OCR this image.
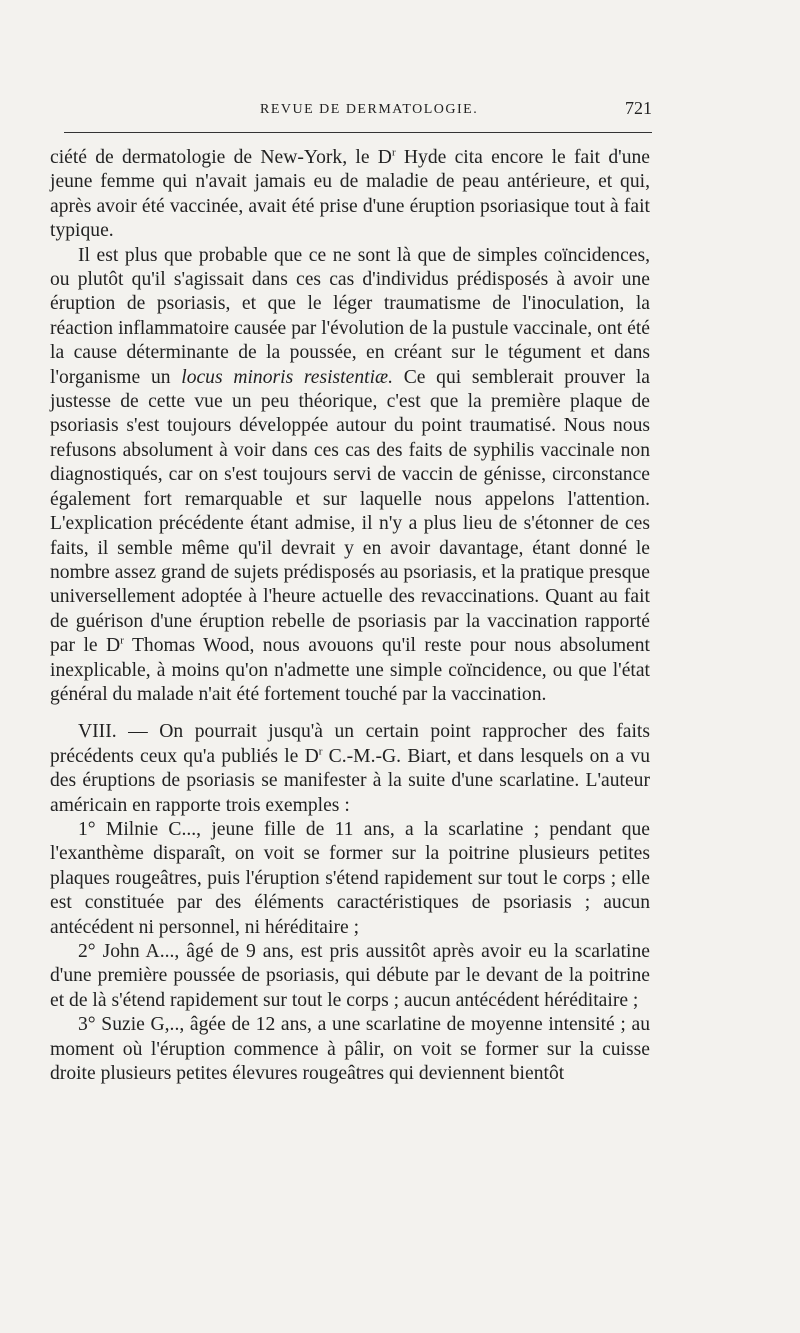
REVUE DE DERMATOLOGIE.	721

ciété de dermatologie de New-York, le $D^r$ Hyde cita encore le fait d'une jeune femme qui n'avait jamais eu de maladie de peau antérieure, et qui, après avoir été vaccinée, avait été prise d'une éruption psoriasique tout à fait typique.

Il est plus que probable que ce ne sont là que de simples coïncidences, ou plutôt qu'il s'agissait dans ces cas d'individus prédisposés à avoir une éruption de psoriasis, et que le léger traumatisme de l'inoculation, la réaction inflammatoire causée par l'évolution de la pustule vaccinale, ont été la cause déterminante de la poussée, en créant sur le tégument et dans l'organisme un locus minoris resistentiæ. Ce qui semblerait prouver la justesse de cette vue un peu théorique, c'est que la première plaque de psoriasis s'est toujours développée autour du point traumatisé. Nous nous refusons absolument à voir dans ces cas des faits de syphilis vaccinale non diagnostiqués, car on s'est toujours servi de vaccin de génisse, circonstance également fort remarquable et sur laquelle nous appelons l'attention. L'explication précédente étant admise, il n'y a plus lieu de s'étonner de ces faits, il semble même qu'il devrait y en avoir davantage, étant donné le nombre assez grand de sujets prédisposés au psoriasis, et la pratique presque universellement adoptée à l'heure actuelle des revaccinations. Quant au fait de guérison d'une éruption rebelle de psoriasis par la vaccination rapporté par le $D^r$ Thomas Wood, nous avouons qu'il reste pour nous absolument inexplicable, à moins qu'on n'admette une simple coïncidence, ou que l'état général du malade n'ait été fortement touché par la vaccination.

VIII. — On pourrait jusqu'à un certain point rapprocher des faits précédents ceux qu'a publiés le $D^r$ C.-M.-G. Biart, et dans lesquels on a vu des éruptions de psoriasis se manifester à la suite d'une scarlatine. L'auteur américain en rapporte trois exemples :

1° Milnie C..., jeune fille de 11 ans, a la scarlatine ; pendant que l'exanthème disparaît, on voit se former sur la poitrine plusieurs petites plaques rougeâtres, puis l'éruption s'étend rapidement sur tout le corps ; elle est constituée par des éléments caractéristiques de psoriasis ; aucun antécédent ni personnel, ni héréditaire ;

2° John A..., âgé de 9 ans, est pris aussitôt après avoir eu la scarlatine d'une première poussée de psoriasis, qui débute par le devant de la poitrine et de là s'étend rapidement sur tout le corps ; aucun antécédent héréditaire ;

3° Suzie G,.., âgée de 12 ans, a une scarlatine de moyenne intensité ; au moment où l'éruption commence à pâlir, on voit se former sur la cuisse droite plusieurs petites élevures rougeâtres qui deviennent bientôt
